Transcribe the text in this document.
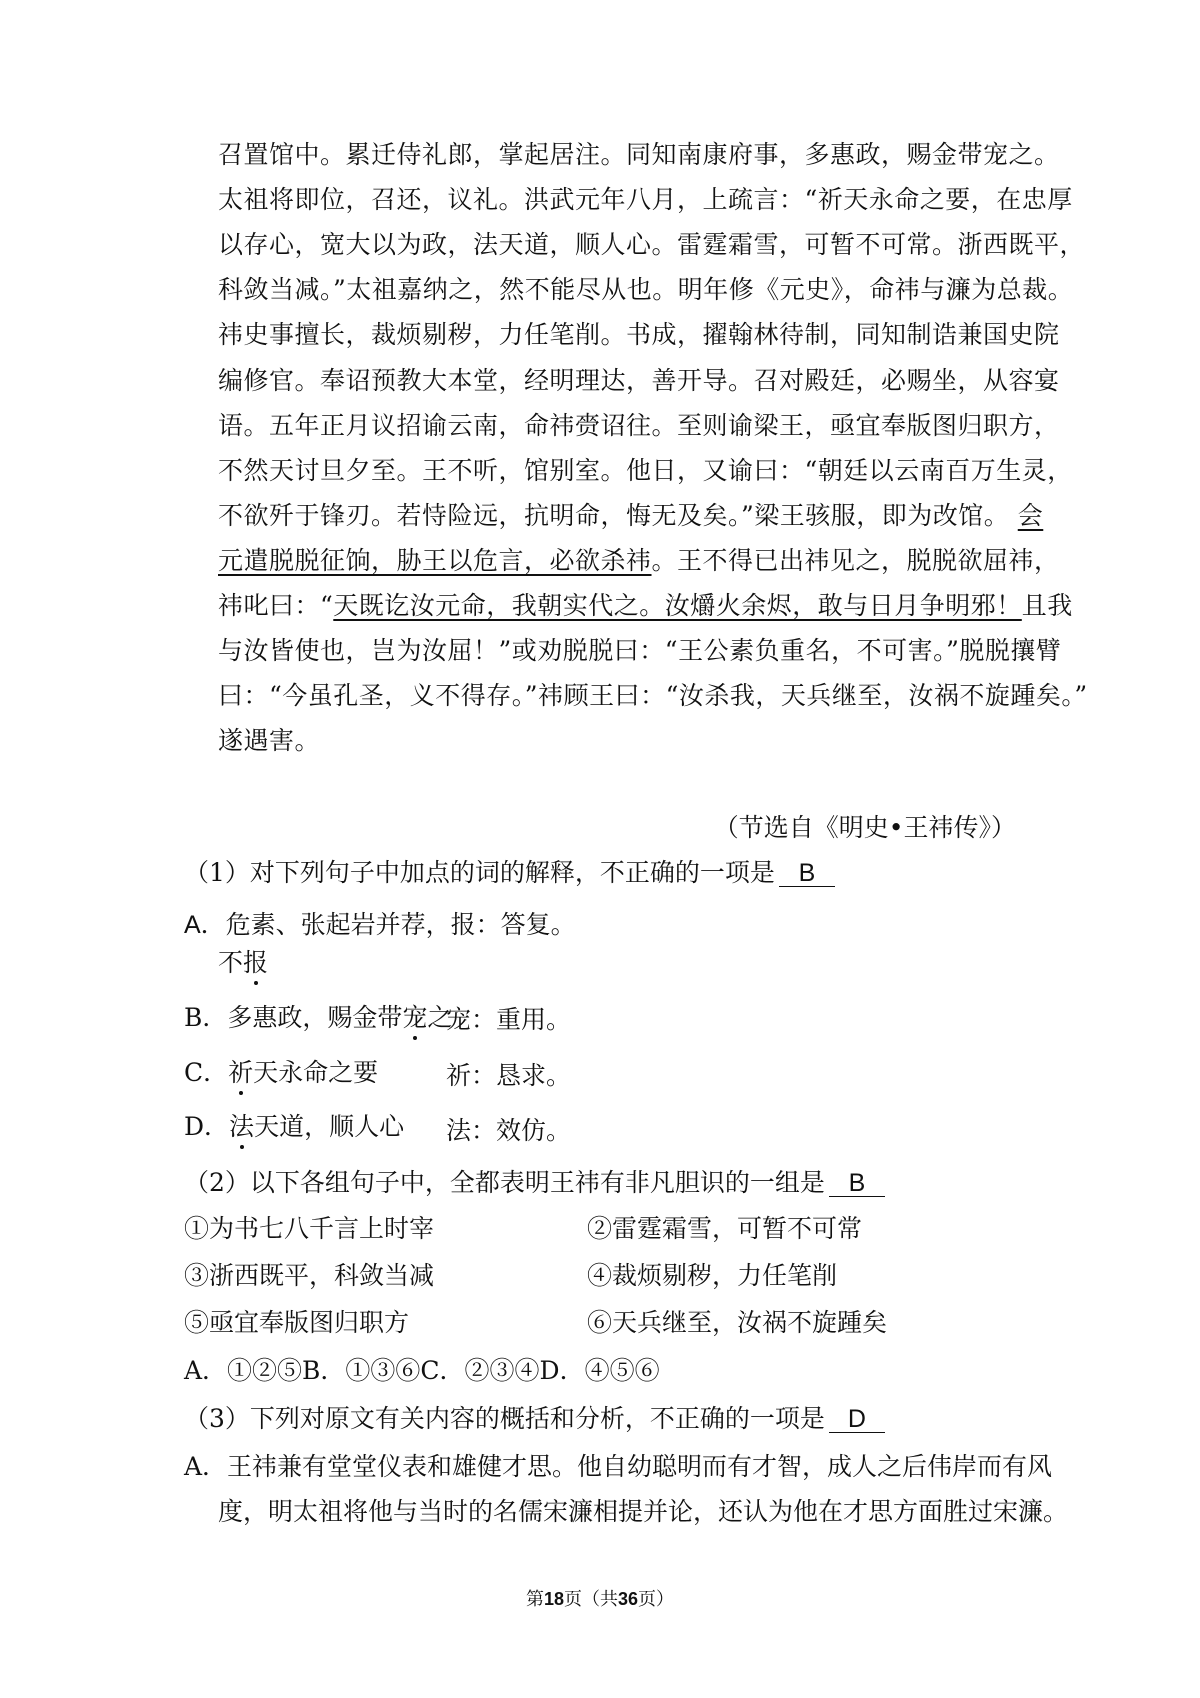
召置馆中。累迁侍礼郎，掌起居注。同知南康府事，多惠政，赐金带宠之。
太祖将即位，召还，议礼。洪武元年八月，上疏言：“祈天永命之要，在忠厚
以存心，宽大以为政，法天道，顺人心。雷霆霜雪，可暂不可常。浙西既平，
科敛当减。”太祖嘉纳之，然不能尽从也。明年修《元史》，命祎与濂为总裁。
祎史事擅长，裁烦剔秽，力任笔削。书成，擢翰林待制，同知制诰兼国史院
编修官。奉诏预教大本堂，经明理达，善开导。召对殿廷，必赐坐，从容宴
语。五年正月议招谕云南，命祎赍诏往。至则谕梁王，亟宜奉版图归职方，
不然天讨旦夕至。王不听，馆别室。他日，又谕曰：“朝廷以云南百万生灵，
不欲歼于锋刃。若恃险远，抗明命，悔无及矣。”梁王骇服，即为改馆。 会
元遣脱脱征饷，胁王以危言，必欲杀祎。王不得已出祎见之，脱脱欲屈祎，
祎叱曰：“天既讫汝元命，我朝实代之。汝爝火余烬，敢与日月争明邪！且我
与汝皆使也，岂为汝屈！”或劝脱脱曰：“王公素负重名，不可害。”脱脱攘臂
曰：“今虽孔圣，义不得存。”祎顾王曰：“汝杀我，天兵继至，汝祸不旋踵矣。”
遂遇害。
（节选自《明史•王祎传》）
（1）对下列句子中加点的词的解释，不正确的一项是 B
A．危素、张起岩并荐，报：答复。
不报
B．多惠政，赐金带宠之
宠：重用。
C．祈天永命之要	祈：恳求。
D．法天道，顺人心 法：效仿。
（2）以下各组句子中，全都表明王祎有非凡胆识的一组是 B
①为书七八千言上时宰	②雷霆霜雪，可暂不可常
③浙西既平，科敛当减	④裁烦剔秽，力任笔削
⑤亟宜奉版图归职方	⑥天兵继至，汝祸不旋踵矣
A．①②⑤B．①③⑥C．②③④D．④⑤⑥
（3）下列对原文有关内容的概括和分析，不正确的一项是 D
A．王祎兼有堂堂仪表和雄健才思。他自幼聪明而有才智，成人之后伟岸而有风
度，明太祖将他与当时的名儒宋濂相提并论，还认为他在才思方面胜过宋濂。
第18页（共36页）
